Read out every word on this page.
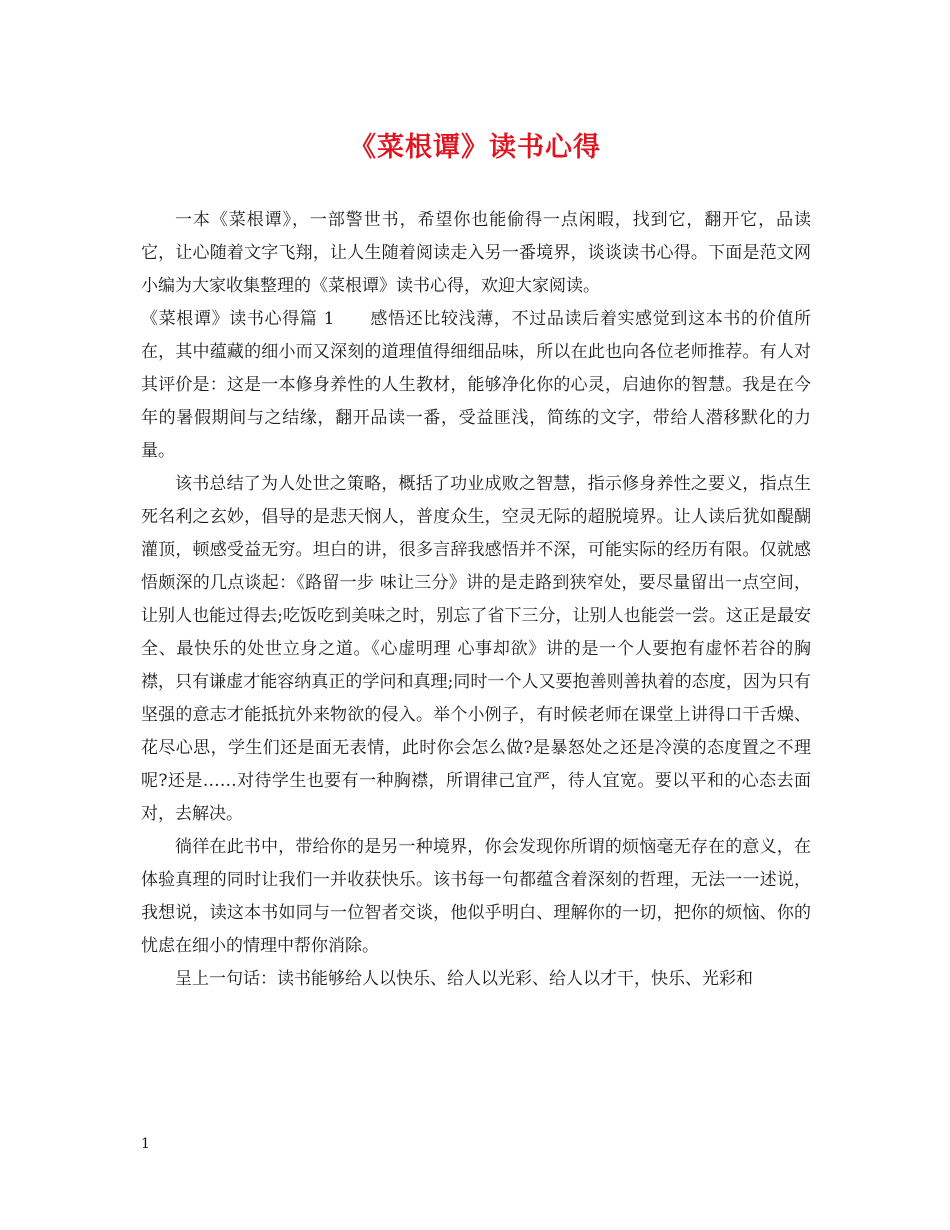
《菜根谭》读书心得

一本《菜根谭》，一部警世书，希望你也能偷得一点闲暇，找到它，翻开它，品读它，让心随着文字飞翔，让人生随着阅读走入另一番境界，谈谈读书心得。下面是范文网小编为大家收集整理的《菜根谭》读书心得，欢迎大家阅读。

《菜根谭》读书心得篇 1　　感悟还比较浅薄，不过品读后着实感觉到这本书的价值所在，其中蕴藏的细小而又深刻的道理值得细细品味，所以在此也向各位老师推荐。有人对其评价是：这是一本修身养性的人生教材，能够净化你的心灵，启迪你的智慧。我是在今年的暑假期间与之结缘，翻开品读一番，受益匪浅，简练的文字，带给人潜移默化的力量。

该书总结了为人处世之策略，概括了功业成败之智慧，指示修身养性之要义，指点生死名利之玄妙，倡导的是悲天悯人，普度众生，空灵无际的超脱境界。让人读后犹如醍醐灌顶，顿感受益无穷。坦白的讲，很多言辞我感悟并不深，可能实际的经历有限。仅就感悟颇深的几点谈起：《路留一步 味让三分》讲的是走路到狭窄处，要尽量留出一点空间，让别人也能过得去;吃饭吃到美味之时，别忘了省下三分，让别人也能尝一尝。这正是最安全、最快乐的处世立身之道。《心虚明理 心事却欲》讲的是一个人要抱有虚怀若谷的胸襟，只有谦虚才能容纳真正的学问和真理;同时一个人又要抱善则善执着的态度，因为只有坚强的意志才能抵抗外来物欲的侵入。举个小例子，有时候老师在课堂上讲得口干舌燥、花尽心思，学生们还是面无表情，此时你会怎么做?是暴怒处之还是冷漠的态度置之不理呢?还是……对待学生也要有一种胸襟，所谓律己宜严，待人宜宽。要以平和的心态去面对，去解决。

徜徉在此书中，带给你的是另一种境界，你会发现你所谓的烦恼毫无存在的意义，在体验真理的同时让我们一并收获快乐。该书每一句都蕴含着深刻的哲理，无法一一述说，我想说，读这本书如同与一位智者交谈，他似乎明白、理解你的一切，把你的烦恼、你的忧虑在细小的情理中帮你消除。

呈上一句话：读书能够给人以快乐、给人以光彩、给人以才干，快乐、光彩和

1
